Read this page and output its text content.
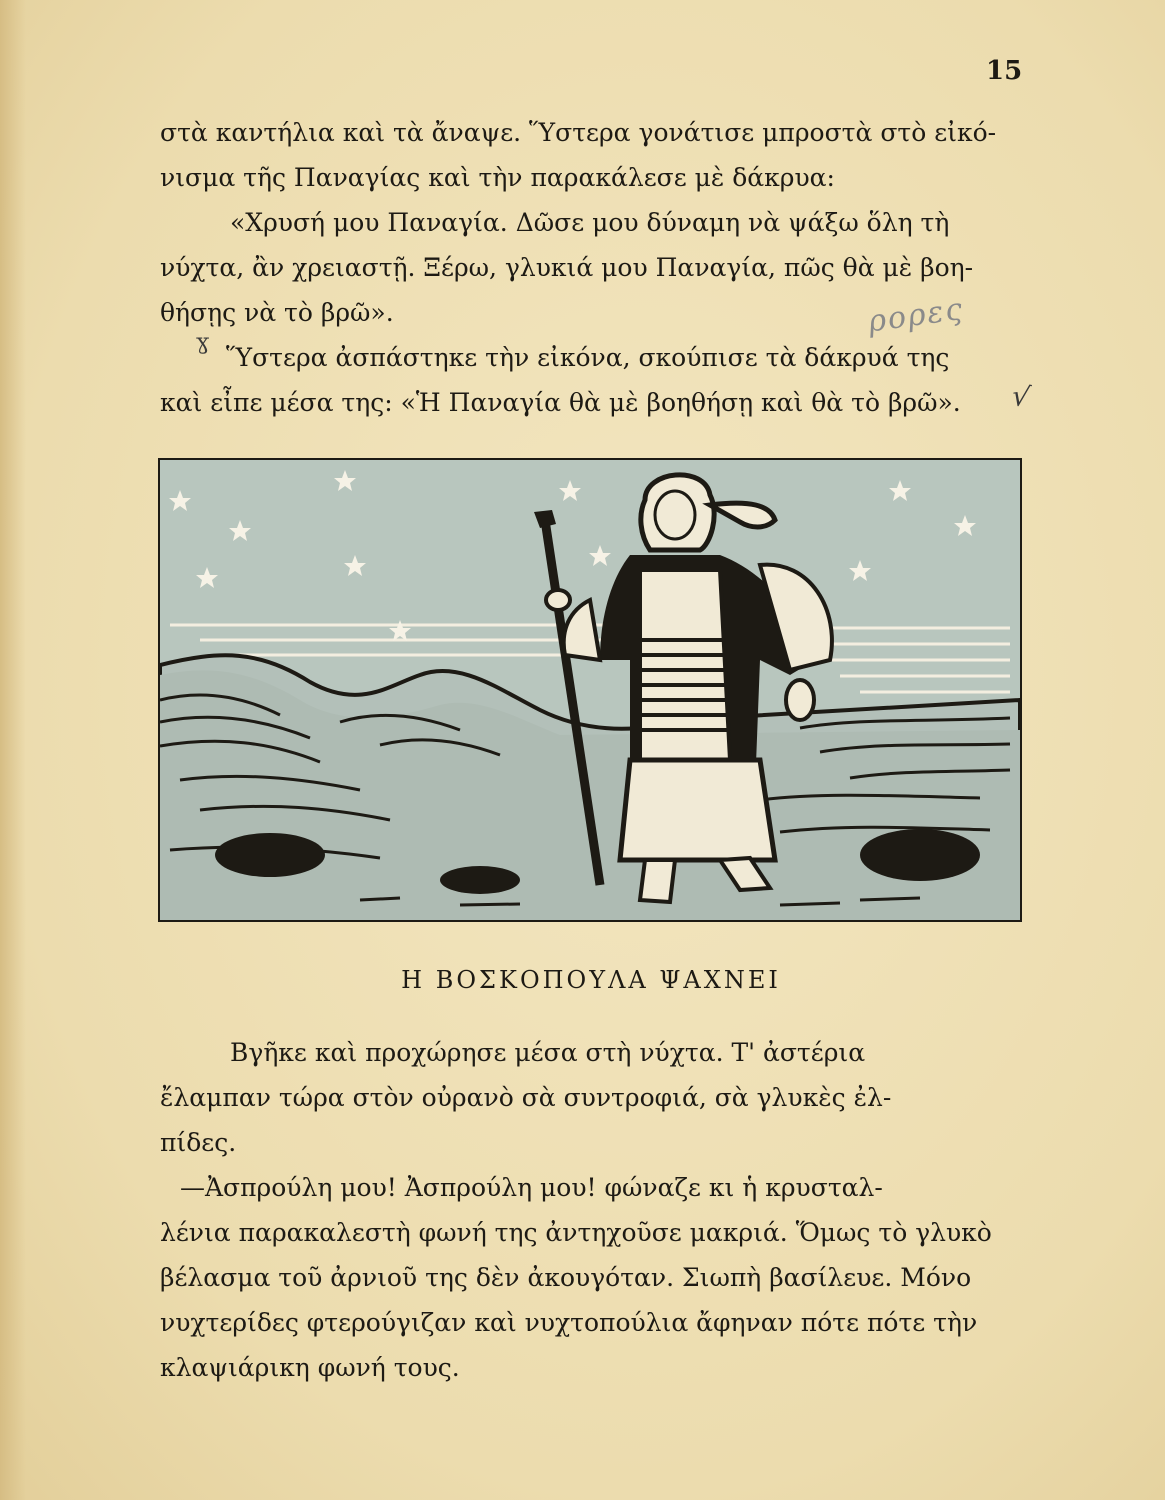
15

στὰ καντήλια καὶ τὰ ἄναψε. Ὕστερα γονάτισε μπροστὰ στὸ εἰκό-

νισμα τῆς Παναγίας καὶ τὴν παρακάλεσε μὲ δάκρυα:

«Χρυσή μου Παναγία. Δῶσε μου δύναμη νὰ ψάξω ὅλη τὴ

νύχτα, ἂν χρειαστῇ. Ξέρω, γλυκιά μου Παναγία, πῶς θὰ μὲ βοη-

θήσῃς νὰ τὸ βρῶ».

Ὕστερα ἀσπάστηκε τὴν εἰκόνα, σκούπισε τὰ δάκρυά της

καὶ εἶπε μέσα της: «Ἡ Παναγία θὰ μὲ βοηθήσῃ καὶ θὰ τὸ βρῶ».

ɣ
ρορες
√
Η ΒΟΣΚΟΠΟΥΛΑ ΨΑΧΝΕΙ

Βγῆκε καὶ προχώρησε μέσα στὴ νύχτα. Τ' ἀστέρια

ἔλαμπαν τώρα στὸν οὐρανὸ σὰ συντροφιά, σὰ γλυκὲς ἐλ-

πίδες.

—Ἀσπρούλη μου! Ἀσπρούλη μου! φώναζε κι ἡ κρυσταλ-

λένια παρακαλεστὴ φωνή της ἀντηχοῦσε μακριά. Ὅμως τὸ γλυκὸ

βέλασμα τοῦ ἀρνιοῦ της δὲν ἀκουγόταν. Σιωπὴ βασίλευε. Μόνο

νυχτερίδες φτερούγιζαν καὶ νυχτοπούλια ἄφηναν πότε πότε τὴν

κλαψιάρικη φωνή τους.
